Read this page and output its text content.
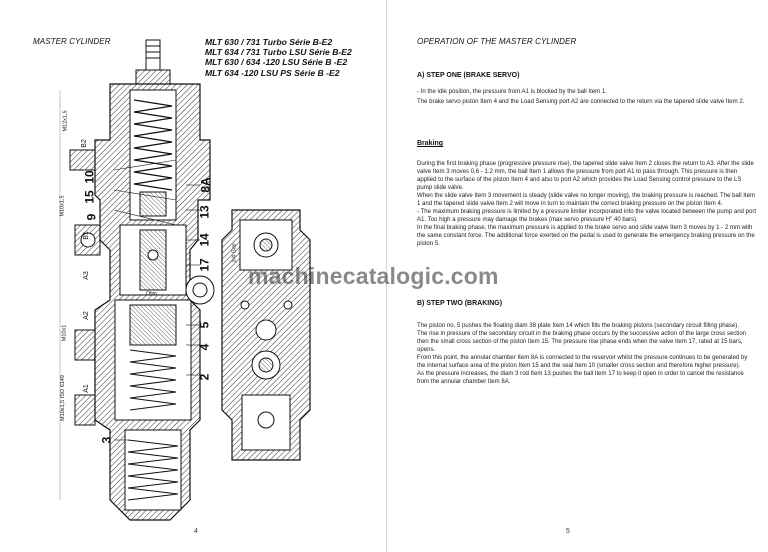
MASTER CYLINDER	MLT 630 / 731 Turbo Série B-E2
MLT 634 / 731 Turbo LSU Série B-E2
MLT 630 / 634 -120 LSU Série B -E2
MLT 634 -120 LSU PS Série B -E2
10
15
9
8A
13
14
17
5
4
2
3
B2
B1
A3
A2
A1
M12x1,5
M10x1,5
M10x1
M10x1,5 ISO 6149
1/4 Gas
Ohm
4
OPERATION OF THE MASTER CYLINDER
A) STEP ONE (BRAKE SERVO)

- In the idle position, the pressure from A1 is blocked by the ball Item 1.

The brake servo piston Item 4 and the Load Sensing port A2 are connected to the return via the tapered slide valve Item 2.

Braking

During the first braking phase (progressive pressure rise), the tapered slide valve Item 2 closes the return to A3. After the slide valve Item 3 moves 0.6 - 1.2 mm, the ball Item 1 allows the pressure from port A1 to pass through. This pressure is then applied to the surface of the piston Item 4 and also to port A2 which provides the Load Sensing control pressure to the LS pump slide valve.

When the slide valve Item 3 movement is steady (slide valve no longer moving), the braking pressure is reached. The ball Item 1 and the tapered slide valve Item 2 will move in turn to maintain the correct braking pressure on the piston Item 4.

- The maximum braking pressure is limited by a pressure limiter incorporated into the valve located between the pump and port A1. Too high a pressure may damage the brakes (max servo pressure H" 40 bars).

In the final braking phase, the maximum pressure is applied to the brake servo and slide valve Item 3 moves by 1 - 2 mm with the same constant force. The additional force exerted on the pedal is used to generate the emergency braking pressure on the piston 5.

B) STEP TWO (BRAKING)

The piston no. 5 pushes the floating diam 38 plate Item 14 which fills the braking pistons (secondary circuit filling phase).

The rise in pressure of the secondary circuit in the braking phase occurs by the successive action of the large cross section then the small cross section of the piston Item 15. The pressure rise phase ends when the valve Item 17, rated at 15 bars, opens.

From this point, the annular chamber Item 8A is connected to the reservoir whilst the pressure continues to be generated by the internal surface area of the piston Item 15 and the seal Item 10 (smaller cross section and therefore higher pressure).

As the pressure increases, the diam 3 rod Item 13 pushes the ball Item 17 to keep it open in order to cancel the resistance from the annular chamber Item 8A.

5
machinecatalogic.com
